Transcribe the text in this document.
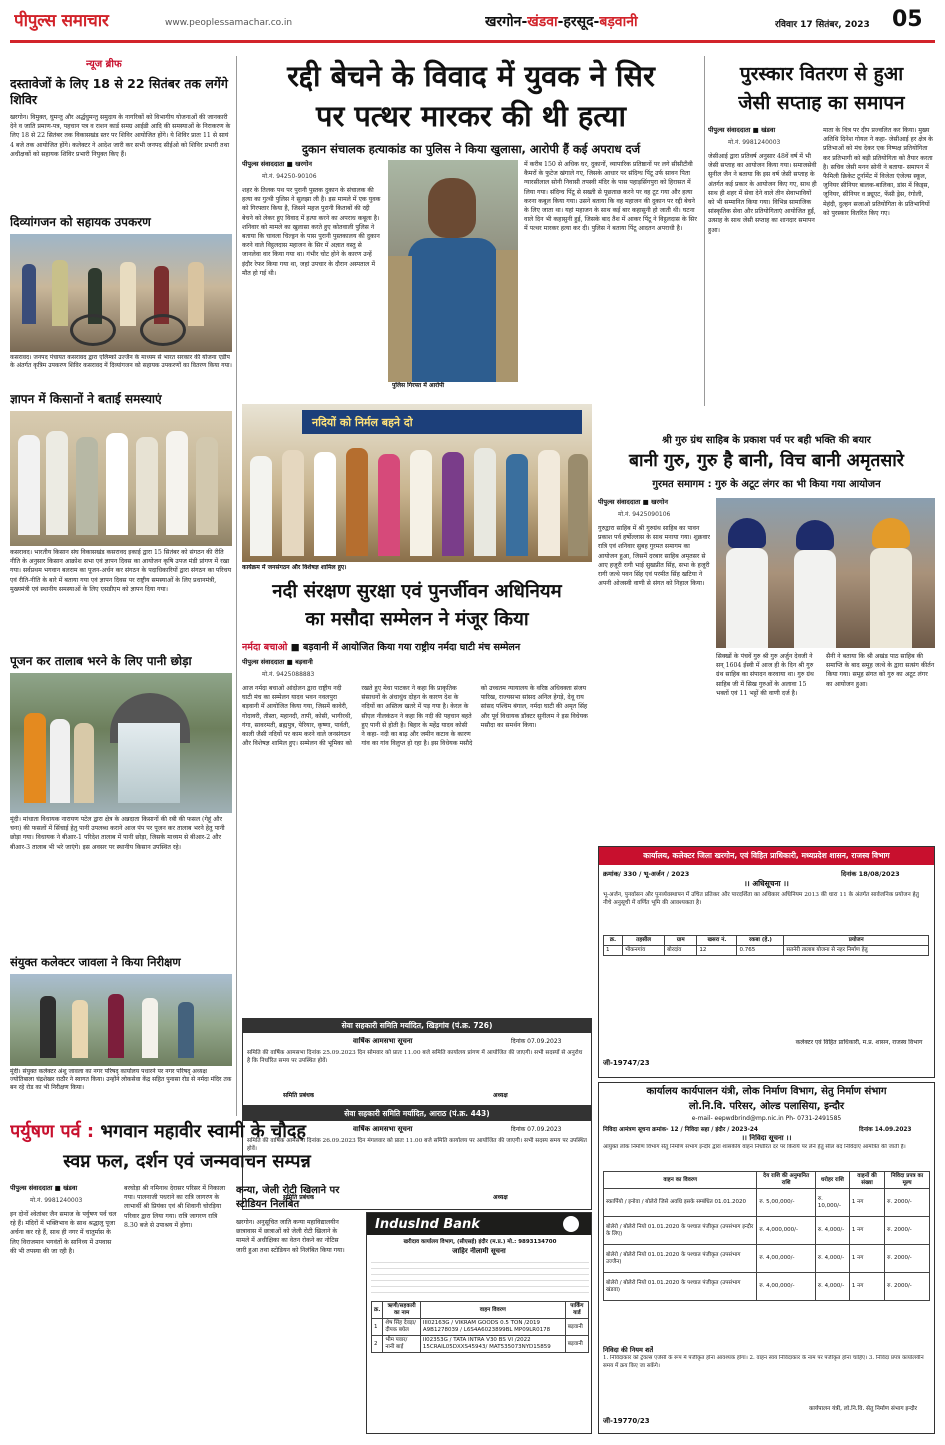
पीपुल्स समाचार	www.peoplessamachar.co.in	खरगोन-खंडवा-हरसूद-बड़वानी	रविवार 17 सितंबर, 2023 05
न्यूज ब्रीफ
दस्तावेजों के लिए 18 से 22 सितंबर तक लगेंगे शिविर
खरगोन। विमुक्त, घुमन्तु और अर्द्धघुमन्तु समुदाय के नागरिकों को विभागीय योजनाओं की जानकारी देने व जाति प्रमाण-पत्र, पहचान पत्र व राशन कार्ड समग्र आईडी आदि की समस्याओं के निराकरण के लिए 18 से 22 सितंबर तक विकासखंड स्तर पर शिविर आयोजित होंगे। ये शिविर प्रातः 11 से सायं 4 बजे तक आयोजित होंगे। कलेक्टर ने आदेश जारी कर सभी जनपद सीईओ को शिविर प्रभारी तथा अधीक्षकों को सहायक शिविर प्रभारी नियुक्त किए हैं।
दिव्यांगजन को सहायक उपकरण
कसरावद। जनपद पंचायत कसरावद द्वारा एलिम्को उज्जैन के माध्यम से भारत सरकार की योजना एडीप के अंतर्गत कृत्रिम उपकरण शिविर कसरावद में दिव्यांगजन को सहायक उपकरणों का वितरण किया गया।
ज्ञापन में किसानों ने बताई समस्याएं
कसरावद। भारतीय किसान संघ विकासखंड कसरावद इकाई द्वारा 15 सितंबर को संगठन की रीति नीति के अनुसार किसान आक्रोश सभा एवं ज्ञापन दिवस का आयोजन कृषि उपज मंडी प्रांगण में रखा गया। सर्वप्रथम भगवान बलराम का पूजन-अर्चन कर संगठन के पदाधिकारियों द्वारा संगठन का परिचय एवं रीति-नीति के बारे में बताया गया एवं ज्ञापन दिवस पर राष्ट्रीय समस्याओं के लिए प्रधानमंत्री, मुख्यमंत्री एवं स्थानीय समस्याओं के लिए एसडीएम को ज्ञापन दिया गया।
पूजन कर तालाब भरने के लिए पानी छोड़ा
मूंदी। मांधाता विधायक नारायण पटेल द्वारा क्षेत्र के अन्नदाता किसानों की रबी की फसल (गेहूं और चना) की फसलों में सिंचाई हेतु पानी उपलब्ध कराने आज पंप पर पूजन कर तालाब भरने हेतु पानी छोड़ा गया। विधायक ने बीआर-1 परिदेश तालाब में पानी छोड़ा, जिसके माध्यम से बीआर-2 और बीआर-3 तालाब भी भरे जाएंगे। इस अवसर पर स्थानीय किसान उपस्थित रहे।
संयुक्त कलेक्टर जावला ने किया निरीक्षण
मूंदी। संयुक्त कलेक्टर अंशु जावला का नगर परिषद् कार्यालय पधारने पर नगर परिषद् अध्यक्ष ज्योतिबाला चंद्रशेखर राठौर ने स्वागत किया। उन्होंने लोकसेवा केंद्र सहित पुनासा रोड से नर्मदा मंदिर तक बन रहे रोड का भी निरीक्षण किया।
रद्दी बेचने के विवाद में युवक ने सिर
पर पत्थर मारकर की थी हत्या
दुकान संचालक हत्याकांड का पुलिस ने किया खुलासा, आरोपी हैं कई अपराध दर्ज
पीपुल्स संवाददाता ■ खरगोन
मो.नं. 94250-90106
शहर के तिलक पथ पर पुरानी पुस्तक दुकान के संचालक की हत्या का गुत्थी पुलिस ने सुलझा ली है। इस मामले में एक युवक को गिरफ्तार किया है, जिसने महज पुरानी किताबों की रद्दी बेचने को लेकर हुए विवाद में हत्या करने का अपराध कबूला है। शनिवार को मामले का खुलासा करते हुए कोतवाली पुलिस ने बताया कि चावला चिल्ड्रन के पास पुरानी पुस्तकालय की दुकान करने वाले विट्ठलदास महाजन के सिर में अज्ञात वस्तु से जानलेवा वार किया गया था। गंभीर चोट होने के कारण उन्हें इंदौर रेफर किया गया था, जहां उपचार के दौरान अस्पताल में मौत हो गई थी।
पुलिस गिरफ्त में आरोपी
में करीब 150 से अधिक घर, दुकानों, व्यापारिक प्रतिष्ठानों पर लगे सीसीटीवी कैमरों के फुटेज खंगाले गए, जिसके आधार पर संदिग्ध पिंटू उर्फ सावन पिता ग्यारसीलाल सोनी निवासी तपस्वी मंदिर के पास पहाड़सिंगपुरा को हिरासत में लिया गया। संदिग्ध पिंटू से सख्ती से पूछताछ करने पर वह टूट गया और हत्या करना कबूल किया गया। उसने बताया कि वह महाजन की दुकान पर रद्दी बेचने के लिए जाता था। यहां महाजन के साथ कई बार कहासुनी हो जाती थी। घटना वाले दिन भी कहासुनी हुई, जिसके बाद तैश में आकर पिंटू ने विट्ठलदास के सिर में पत्थर मारकर हत्या कर दी। पुलिस ने बताया पिंटू आदतन अपराधी है।
पुरस्कार वितरण से हुआ
जेसी सप्ताह का समापन
पीपुल्स संवाददाता ■ खंडवा
मो.नं. 9981240003
जेसीआई द्वारा प्रतिवर्ष अनुसार 48वें वर्ष में भी जेसी सप्ताह का आयोजन किया गया। समाजसेवी सुनील जैन ने बताया कि इस वर्ष जेसी सप्ताह के अंतर्गत कई प्रकार के आयोजन किए गए, साथ ही साथ ही शहर में सेवा देने वाले तीन सेवाभावियों को भी सम्मानित किया गया। विभिन्न सामाजिक सांस्कृतिक सेवा और प्रतियोगिताएं आयोजित हुईं, उत्साह के साथ जेसी सप्ताह का शानदार समापन हुआ।
माता के चित्र पर दीप प्रज्वलित कर किया। मुख्य अतिथि दिनेश गोयल ने कहा- जेसीआई हर क्षेत्र के प्रतिभाओं को मंच देकर एक निष्पक्ष प्रतियोगिता कर प्रतिभागी को बड़ी प्रतियोगिता को तैयार करता है। सचिव जेसी मनन सोनी ने बताया- समापन में फैमिली क्रिकेट टूर्नामेंट में विजेता एंजेल्स स्कूल, जुनियर सीनियर बालक-बालिका, डांस में किड्स, जूनियर, सीनियर व ड्यूएट, फेंसी ड्रेस, रंगोली, मेहंदी, दुल्हन सजाओ प्रतियोगिता के प्रतिभागियों को पुरस्कार वितरित किए गए।
नदियों को निर्मल बहने दो
कार्यक्रम में जनसंगठन और विशेषज्ञ शामिल हुए।
नदी संरक्षण सुरक्षा एवं पुनर्जीवन अधिनियम
का मसौदा सम्मेलन ने मंजूर किया
नर्मदा बचाओ ■ बड़वानी में आयोजित किया गया राष्ट्रीय नर्मदा घाटी मंच सम्मेलन
पीपुल्स संवाददाता ■ बड़वानी
मो.नं. 9425088883
आज नर्मदा बचाओ आंदोलन द्वारा राष्ट्रीय नदी घाटी मंच का सम्मेलन यादव भवन नवलपुरा बड़वानी में आयोजित किया गया, जिसमें कावेरी, गोदावरी, तीस्ता, महानदी, तापी, कोसी, भागीरथी, गंगा, सावरमती, ब्रह्मपुत्र, पेरियार, कृष्णा, पार्वती, काली जैसी नदियों पर काम करने वाले जनसंगठन और विशेषज्ञ शामिल हुए। सम्मेलन की भूमिका को रखते हुए मेधा पाटकर ने कहा कि प्राकृतिक संसाधनों के अंधाधुंध दोहन के कारण देश के नदियों का अस्तित्व खतरे में पड़ गया है। केरल के सीएल नीलकंठन ने कहा कि नदी की पहचान बहते हुए पानी से होती है। बिहार के महेंद्र यादव कोसी ने कहा- नदी का बाढ़ और जमीन कटाव के कारण गांव का गांव विलुप्त हो रहा है। इस विधेयक मसौदे को उच्चतम न्यायालय के वरिष्ठ अधिवक्ता संजय पारिख, राज्यसभा सांसद अनिल हेगड़े, देवू राय सांसद पश्चिम बंगाल, नर्मदा घाटी की अमृत सिंह और पूर्व विधायक डॉक्टर सुनीलम ने इस विधेयक मसौदा का समर्थन किया।
श्री गुरु ग्रंथ साहिब के प्रकाश पर्व पर बही भक्ति की बयार
बानी गुरु, गुरु है बानी, विच बानी अमृतसारे
गुरमत समागम : गुरु के अटूट लंगर का भी किया गया आयोजन
पीपुल्स संवाददाता ■ खरगोन
मो.नं. 9425090106
गुरुद्वारा साहिब में श्री गुरुग्रंथ साहिब का पावन प्रकाश पर्व हर्षोल्लास के साथ मनाया गया। शुक्रवार रात्रि एवं शनिवार सुबह गुरमत समागम का आयोजन हुआ, जिसमें दरबार साहिब अमृतसर से आए हजूरी रागी भाई सुखप्रीत सिंह, सभा के हजूरी रागी जत्थे पवन सिंह एवं परमीत सिंह खटिया ने अपनी ओजस्वी वाणी से संगत को निहाल किया।
सिक्खों के पंचवें गुरु श्री गुरु अर्जुन देवजी ने सन् 1604 ईस्वी में आज ही के दिन श्री गुरु ग्रंथ साहिब का संपादन करवाया था। गुरु ग्रंथ साहिब जी में सिख गुरुओं के अलावा 15 भक्तों एवं 11 भट्टों की वाणी दर्ज है।
सैनी ने बताया कि श्री अखंड पाठ साहिब की समाप्ति के बाद समूह जत्थे के द्वारा सत्संग कीर्तन किया गया। समूह संगत को गुरु का अटूट लंगर का आयोजन हुआ।
कार्यालय, कलेक्टर जिला खरगोन, एवं विहित प्राधिकारी, मध्यप्रदेश शासन, राजस्व विभाग
क्रमांक/ 330 / भू-अर्जन / 2023	दिनांक 18/08/2023
।। अधिसूचना ।।
भू-अर्जन, पुनर्वासन और पुनर्व्यवस्थापन में उचित प्रतिकर और पारदर्शिता का अधिकार अधिनियम 2013 की धारा 11 के अंतर्गत सार्वजनिक प्रयोजन हेतु नीचे अनुसूची में वर्णित भूमि की आवश्यकता है।
क्र.	तहसील	ग्राम	खसरा नं.	रकबा (हे.)	प्रयोजन
1	भीकनगांव	बोरदांव	12	0.765	सतनेरी तालाब योजना से नहर निर्माण हेतु
जी-19747/23
कलेक्टर एवं विहित प्राधिकारी, म.प्र. शासन, राजस्व विभाग
सेवा सहकारी समिति मर्यादित, खिड़गांव (पं.क्र. 726)
वार्षिक आमसभा सूचना	दिनांक 07.09.2023
समिति की वार्षिक आमसभा दिनांक 25.09.2023 दिन सोमवार को प्रातः 11.00 बजे समिति कार्यालय प्रांगण में आयोजित की जाएगी। सभी सदस्यों से अनुरोध है कि निर्धारित समय पर उपस्थित होवें।
समिति प्रबंधक	अध्यक्ष
सेवा सहकारी समिति मर्यादित, आराठ (पं.क्र. 443)
वार्षिक आमसभा सूचना	दिनांक 07.09.2023
समिति की वार्षिक आमसभा दिनांक 26.09.2023 दिन मंगलवार को प्रातः 11.00 बजे समिति कार्यालय पर आयोजित की जाएगी। सभी सदस्य समय पर उपस्थित होवें।
समिति प्रबंधक	अध्यक्ष
पर्युषण पर्व : भगवान महावीर स्वामी के चौदह
स्वप्न फल, दर्शन एवं जन्मवाचन सम्पन्न
पीपुल्स संवाददाता ■ खंडवा
मो.नं. 9981240003
इन दोनों श्वेतांबर जैन समाज के पर्युषण पर्व चल रहे हैं। मंदिरों में भक्तिभाव के साथ श्रद्धालु पूजा अर्चना कर रहे हैं, साथ ही नगर में चातुर्मास के लिए विराजमान भगवंतों के सानिध्य में उपवास की भी तपस्या की जा रही है।
बरघोड़ा श्री नमिनाथ देरासर परिसर में निकाला गया। पालनाजी पधराने का रात्रि जागरण के लाभार्थी श्री प्रियंका एवं श्री शिवानी चोरड़िया परिवार द्वारा लिया गया। रात्रि जागरण रात्रि 8.30 बजे से उपाश्रय में होगा।
कन्या, जेली रोटी खिलाने पर स्टोडियन निलंबित
खरगोन। अनुसूचित जाति कन्या महाविद्यालयीन छात्रावास में छात्राओं को जेली रोटी खिलाने के मामले में अधीक्षिका का वेतन रोकने का नोटिस जारी हुआ तथा स्टोडियन को निलंबित किया गया।
IndusInd Bank
खरीदाव कार्यालय विभाग, (सीएसई) इंदौर (म.प्र.) मो.: 9893134700
जाहिर नीलामी सूचना
क्र.	ऋणी/सहकारी का नाम	वाहन विवरण	पार्किंग यार्ड
1	शेष सिंह देवड़ा/ दीपक बघेल	III0216ЗG / VIKRAM GOODS 0.5 TON /2019 A9B1278039 / L6S4A6023899BL MP09LR0178	बड़वानी
2	भीम पवार/ नानी बाई	II02353G / TATA INTRA V30 BS VI /2022 15CRAIL05DXXS45943/ MAT535073NYD15859	बड़वानी
कार्यालय कार्यपालन यंत्री, लोक निर्माण विभाग, सेतु निर्माण संभाग
लो.नि.वि. परिसर, ओल्ड पलासिया, इन्दौर
e-mail- eepwdbrind@mp.nic.in Ph- 0731-2491585
निविदा आमंत्रण सूचना क्रमांक- 12 / निविदा सहा / इंदौर / 2023-24	दिनांक 14.09.2023
।। निविदा सूचना ।।
आयुक्त लोक निर्माण विभाग सेतु निर्माण संभाग इन्दौर द्वारा शासकीय वाहन निर्धारित दर पर किराये पर लेने हेतु सील बंद निविदाएं आमंत्रित की जाती हैं।
वाहन का विवरण	देय राशि की अनुमानित राशि	धरोहर राशि	वाहनों की संख्या	निविदा प्रपत्र का मूल्य
स्कार्पियो / इनोवा / बोलेरो जिसे अवधि इसके सम्बंधित 01.01.2020	रु. 5,00,000/-	रु. 10,000/-	1 नग	रु. 2000/-
बोलेरो / बोलेरो नियो 01.01.2020 के पश्चात पंजीकृत (उपसंभाग इन्दौर के लिए)	रु. 4,000,000/-	रु. 4,000/-	1 नग	रु. 2000/-
बोलेरो / बोलेरो नियो 01.01.2020 के पश्चात पंजीकृत (उपसंभाग उज्जैन)	रु. 4,00,000/-	रु. 4,000/-	1 नग	रु. 2000/-
बोलेरो / बोलेरो नियो 01.01.2020 के पश्चात पंजीकृत (उपसंभाग खंडवा)	रु. 4,00,000/-	रु. 4,000/-	1 नग	रु. 2000/-
निविदा की नियम शर्तें
1. निविदाकार को ट्रेवल्स एजेंसी के रूप में पंजीकृत होना आवश्यक होगा। 2. वाहन स्वयं निविदाकार के नाम पर पंजीकृत होना चाहिए। 3. निविदा प्रपत्र कार्यालयीन समय में क्रय किए जा सकेंगे।
जी-19770/23
कार्यपालन यंत्री, लो.नि.वि. सेतु निर्माण संभाग इन्दौर
